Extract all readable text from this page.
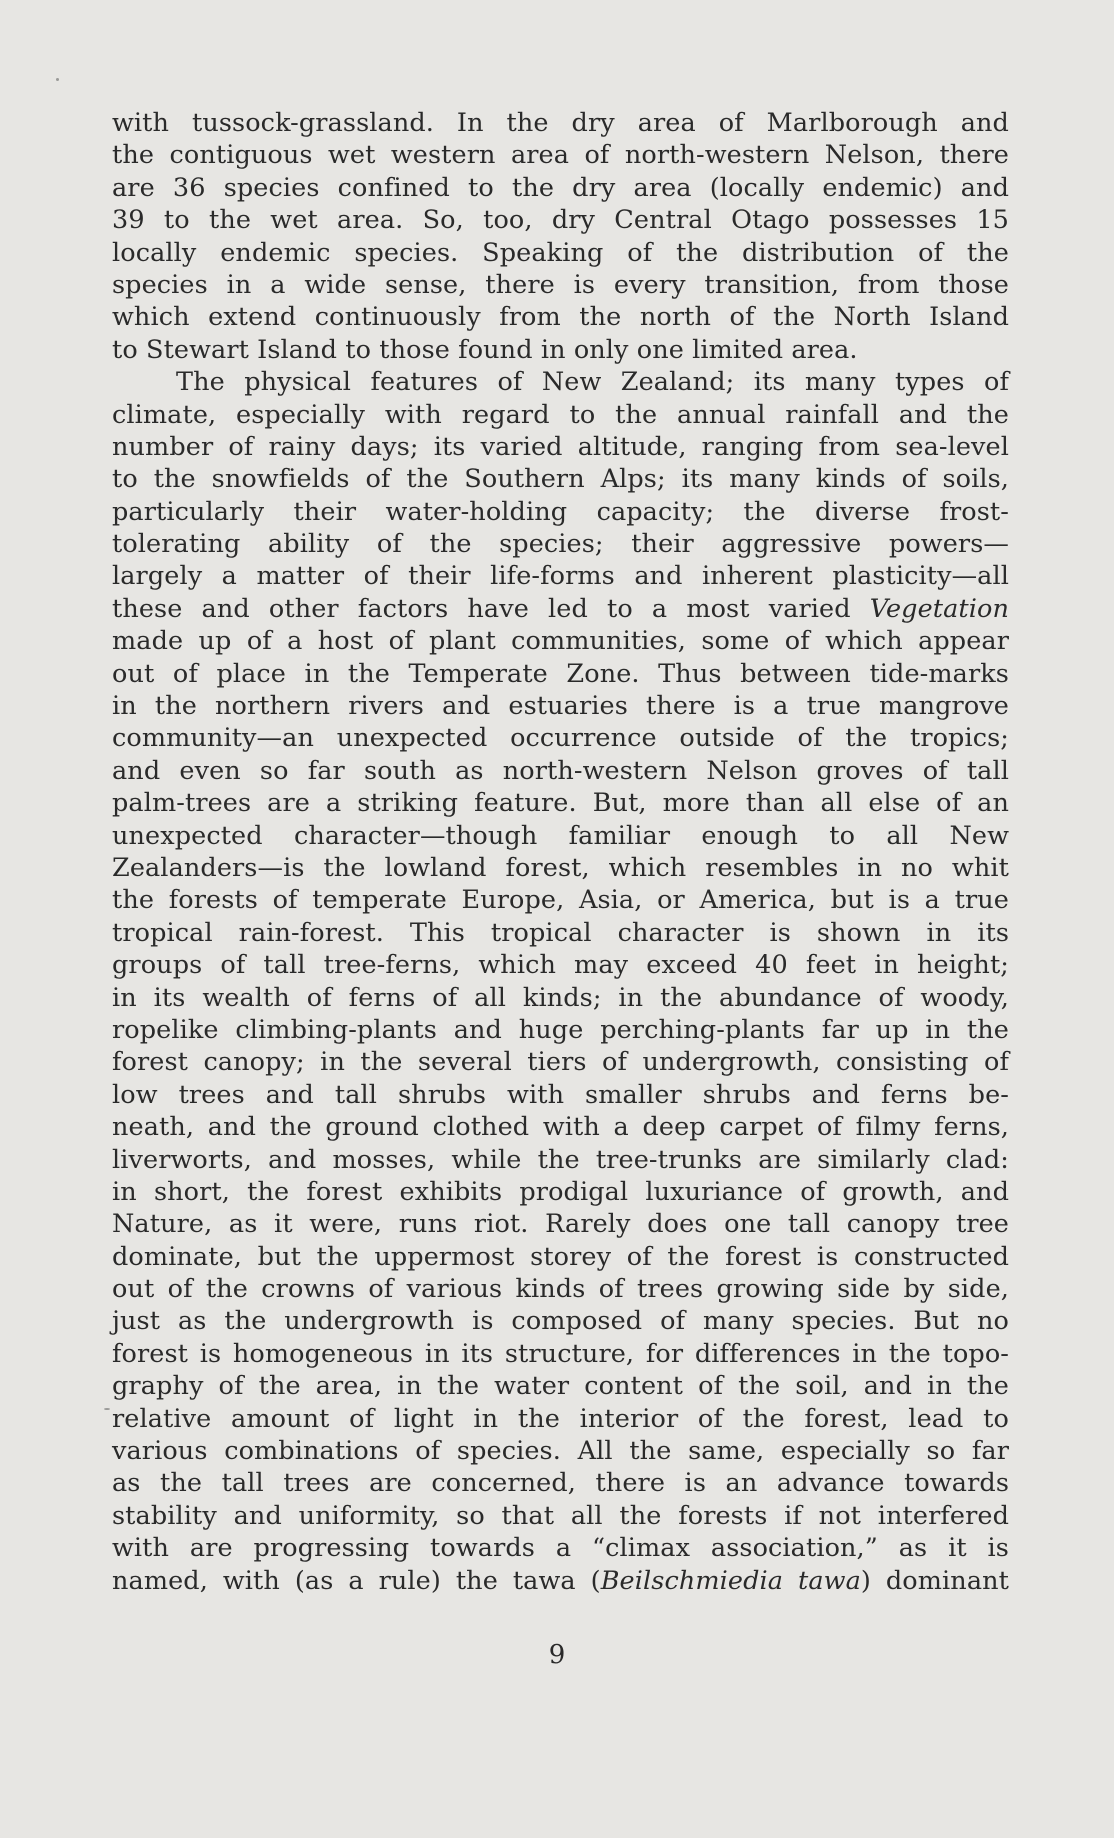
with tussock-grassland. In the dry area of Marlborough and
the contiguous wet western area of north-western Nelson, there
are 36 species confined to the dry area (locally endemic) and
39 to the wet area. So, too, dry Central Otago possesses 15
locally endemic species. Speaking of the distribution of the
species in a wide sense, there is every transition, from those
which extend continuously from the north of the North Island
to Stewart Island to those found in only one limited area.
The physical features of New Zealand; its many types of
climate, especially with regard to the annual rainfall and the
number of rainy days; its varied altitude, ranging from sea-level
to the snowfields of the Southern Alps; its many kinds of soils,
particularly their water-holding capacity; the diverse frost-
tolerating ability of the species; their aggressive powers—
largely a matter of their life-forms and inherent plasticity—all
these and other factors have led to a most varied Vegetation
made up of a host of plant communities, some of which appear
out of place in the Temperate Zone. Thus between tide-marks
in the northern rivers and estuaries there is a true mangrove
community—an unexpected occurrence outside of the tropics;
and even so far south as north-western Nelson groves of tall
palm-trees are a striking feature. But, more than all else of an
unexpected character—though familiar enough to all New
Zealanders—is the lowland forest, which resembles in no whit
the forests of temperate Europe, Asia, or America, but is a true
tropical rain-forest. This tropical character is shown in its
groups of tall tree-ferns, which may exceed 40 feet in height;
in its wealth of ferns of all kinds; in the abundance of woody,
ropelike climbing-plants and huge perching-plants far up in the
forest canopy; in the several tiers of undergrowth, consisting of
low trees and tall shrubs with smaller shrubs and ferns be-
neath, and the ground clothed with a deep carpet of filmy ferns,
liverworts, and mosses, while the tree-trunks are similarly clad:
in short, the forest exhibits prodigal luxuriance of growth, and
Nature, as it were, runs riot. Rarely does one tall canopy tree
dominate, but the uppermost storey of the forest is constructed
out of the crowns of various kinds of trees growing side by side,
just as the undergrowth is composed of many species. But no
forest is homogeneous in its structure, for differences in the topo-
graphy of the area, in the water content of the soil, and in the
relative amount of light in the interior of the forest, lead to
various combinations of species. All the same, especially so far
as the tall trees are concerned, there is an advance towards
stability and uniformity, so that all the forests if not interfered
with are progressing towards a “climax association,” as it is
named, with (as a rule) the tawa (Beilschmiedia tawa) dominant
9
